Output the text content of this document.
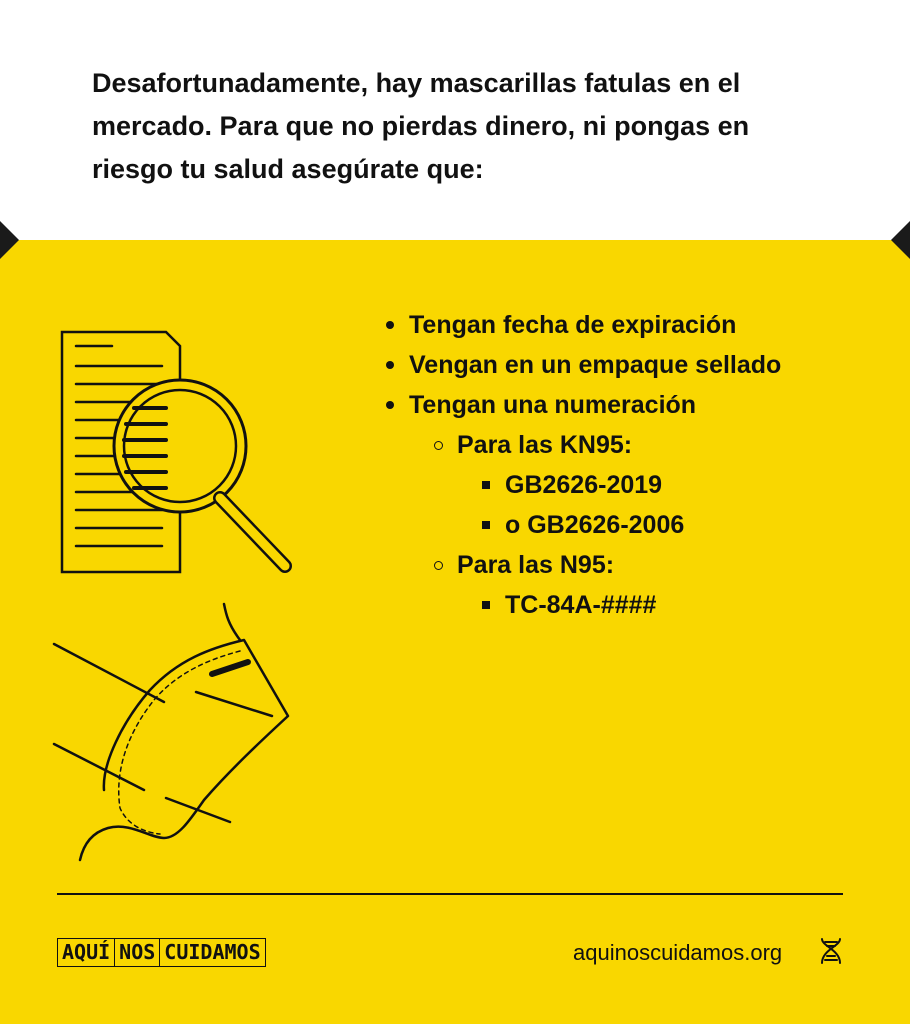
Desafortunadamente, hay mascarillas fatulas en el
mercado. Para que no pierdas dinero, ni pongas en
riesgo tu salud asegúrate que:
Tengan fecha de expiración
Vengan en un empaque sellado
Tengan una numeración
Para las KN95:
GB2626-2019
o GB2626-2006
Para las N95:
TC-84A-####
AQUÍ NOS CUIDAMOS	aquinoscuidamos.org
